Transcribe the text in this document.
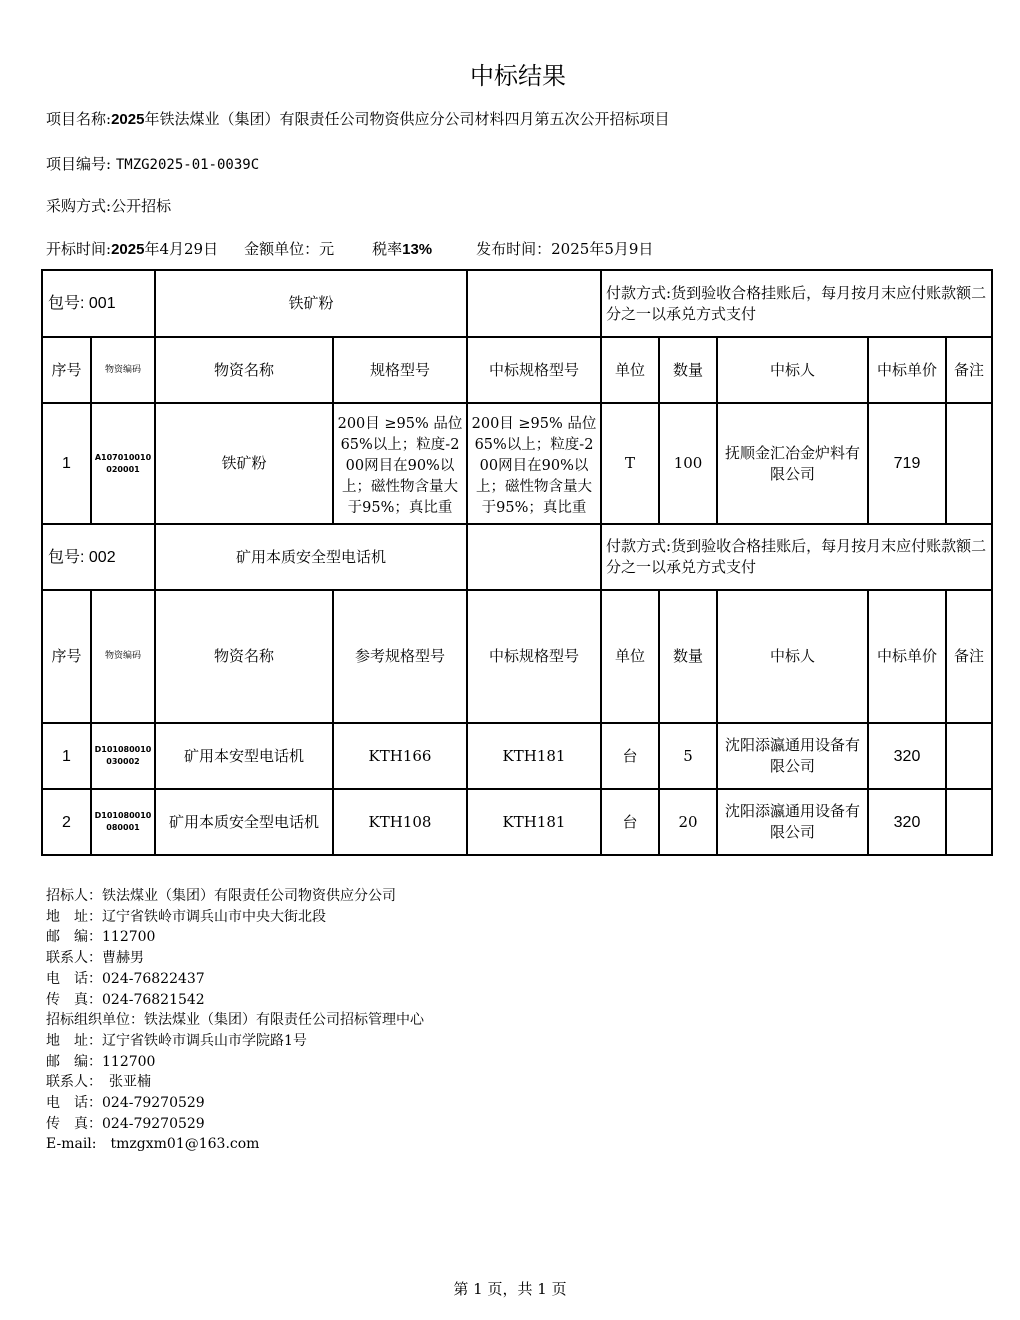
中标结果
项目名称:2025年铁法煤业（集团）有限责任公司物资供应分公司材料四月第五次公开招标项目
项目编号: TMZG2025-01-0039C
采购方式:公开招标
开标时间:2025年4月29日 金额单位：元	税率13%	发布时间：2025年5月9日
包号: 001		铁矿粉			付款方式:货到验收合格挂账后，每月按月末应付账款额二分之一以承兑方式支付				
序号	物资编码	物资名称	规格型号	中标规格型号	单位	数量	中标人	中标单价	备注
1	A107010010020001	铁矿粉	200目 ≥95% 品位65%以上；粒度-200网目在90%以上；磁性物含量大于95%；真比重	200目 ≥95% 品位65%以上；粒度-200网目在90%以上；磁性物含量大于95%；真比重	T	100	抚顺金汇冶金炉料有限公司	719	
包号: 002		矿用本质安全型电话机			付款方式:货到验收合格挂账后，每月按月末应付账款额二分之一以承兑方式支付				
序号	物资编码	物资名称	参考规格型号	中标规格型号	单位	数量	中标人	中标单价	备注
1	D101080010030002	矿用本安型电话机	KTH166	KTH181	台	5	沈阳添瀛通用设备有限公司	320	
2	D101080010080001	矿用本质安全型电话机	KTH108	KTH181	台	20	沈阳添瀛通用设备有限公司	320	
招标人：铁法煤业（集团）有限责任公司物资供应分公司
地　址：辽宁省铁岭市调兵山市中央大街北段
邮　编：112700
联系人：曹赫男
电　话：024-76822437
传　真：024-76821542
招标组织单位：铁法煤业（集团）有限责任公司招标管理中心
地　址：辽宁省铁岭市调兵山市学院路1号
邮　编：112700
联系人：　张亚楠
电　话：024-79270529
传　真：024-79270529
E-mail:　tmzgxm01@163.com
第 1 页，共 1 页
